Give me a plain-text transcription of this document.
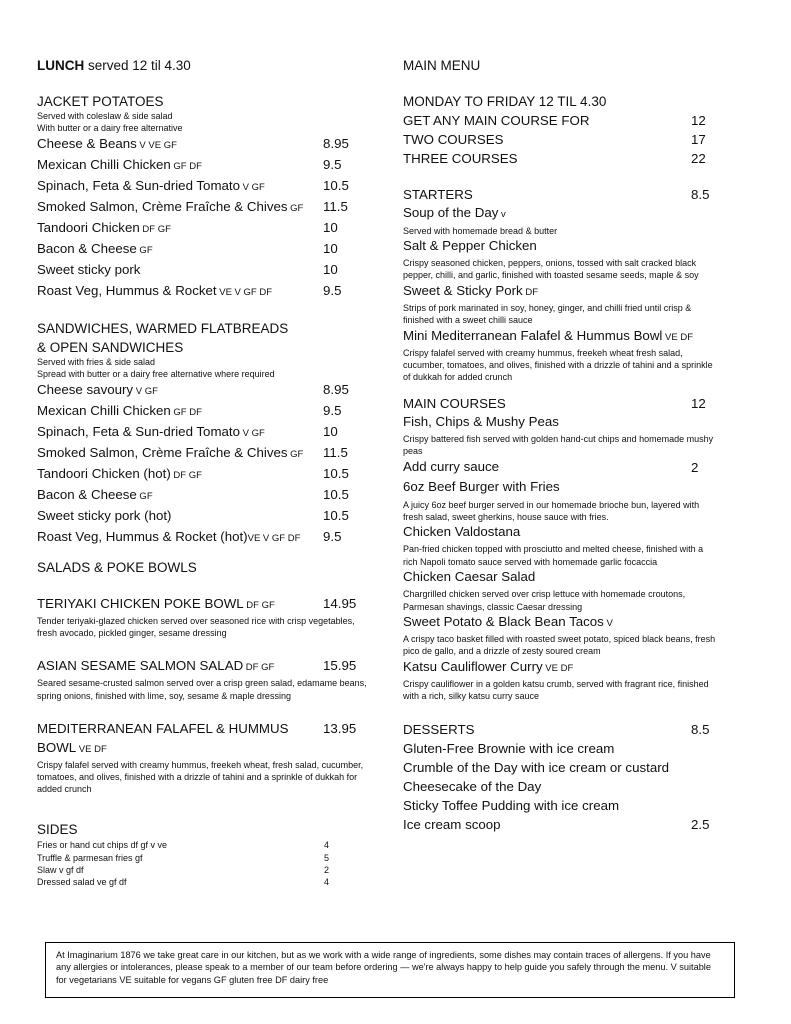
LUNCH served 12 til 4.30
JACKET POTATOES
Served with coleslaw & side salad
With butter or a dairy free alternative
Cheese & Beans V VE GF	8.95
Mexican Chilli Chicken GF DF	9.5
Spinach, Feta & Sun-dried Tomato V GF	10.5
Smoked Salmon, Crème Fraîche & Chives GF 11.5
Tandoori Chicken DF GF	10
Bacon & Cheese GF	10
Sweet sticky pork	10
Roast Veg, Hummus & Rocket VE V GF DF	9.5
SANDWICHES, WARMED FLATBREADS
& OPEN SANDWICHES
Served with fries & side salad
Spread with butter or a dairy free alternative where required
Cheese savoury V GF	8.95
Mexican Chilli Chicken GF DF	9.5
Spinach, Feta & Sun-dried Tomato V GF	10
Smoked Salmon, Crème Fraîche & Chives GF 11.5
Tandoori Chicken (hot) DF GF	10.5
Bacon & Cheese GF	10.5
Sweet sticky pork (hot)	10.5
Roast Veg, Hummus & Rocket (hot)VE V GF DF	9.5
SALADS & POKE BOWLS
TERIYAKI CHICKEN POKE BOWL DF GF	14.95
Tender teriyaki-glazed chicken served over seasoned rice with crisp vegetables, fresh avocado, pickled ginger, sesame dressing
ASIAN SESAME SALMON SALAD DF GF	15.95
Seared sesame-crusted salmon served over a crisp green salad, edamame beans, spring onions, finished with lime, soy, sesame & maple dressing
MEDITERRANEAN FALAFEL & HUMMUS BOWL VE DF
13.95
Crispy falafel served with creamy hummus, freekeh wheat, fresh salad, cucumber, tomatoes, and olives, finished with a drizzle of tahini and a sprinkle of dukkah for added crunch
SIDES
Fries or hand cut chips df gf v ve	4
Truffle & parmesan fries gf	5
Slaw v gf df	2
Dressed salad ve gf df	4
MAIN MENU
MONDAY TO FRIDAY 12 TIL 4.30
GET ANY MAIN COURSE FOR	12
TWO COURSES	17
THREE COURSES	22
STARTERS	8.5
Soup of the Day v
Served with homemade bread & butter
Salt & Pepper Chicken
Crispy seasoned chicken, peppers, onions, tossed with salt cracked black pepper, chilli, and garlic, finished with toasted sesame seeds, maple & soy
Sweet & Sticky Pork DF
Strips of pork marinated in soy, honey, ginger, and chilli fried until crisp & finished with a sweet chilli sauce
Mini Mediterranean Falafel & Hummus Bowl VE DF
Crispy falafel served with creamy hummus, freekeh wheat fresh salad, cucumber, tomatoes, and olives, finished with a drizzle of tahini and a sprinkle of dukkah for added crunch
MAIN COURSES	12
Fish, Chips & Mushy Peas
Crispy battered fish served with golden hand-cut chips and homemade mushy peas
Add curry sauce	2
6oz Beef Burger with Fries
A juicy 6oz beef burger served in our homemade brioche bun, layered with fresh salad, sweet gherkins, house sauce with fries.
Chicken Valdostana
Pan-fried chicken topped with prosciutto and melted cheese, finished with a rich Napoli tomato sauce served with homemade garlic focaccia
Chicken Caesar Salad
Chargrilled chicken served over crisp lettuce with homemade croutons, Parmesan shavings, classic Caesar dressing
Sweet Potato & Black Bean Tacos V
A crispy taco basket filled with roasted sweet potato, spiced black beans, fresh pico de gallo, and a drizzle of zesty soured cream
Katsu Cauliflower Curry VE DF
Crispy cauliflower in a golden katsu crumb, served with fragrant rice, finished with a rich, silky katsu curry sauce
DESSERTS	8.5
Gluten-Free Brownie with ice cream
Crumble of the Day with ice cream or custard
Cheesecake of the Day
Sticky Toffee Pudding with ice cream
Ice cream scoop	2.5
At Imaginarium 1876 we take great care in our kitchen, but as we work with a wide range of ingredients, some dishes may contain traces of allergens. If you have any allergies or intolerances, please speak to a member of our team before ordering — we're always happy to help guide you safely through the menu. V suitable for vegetarians VE suitable for vegans GF gluten free DF dairy free
